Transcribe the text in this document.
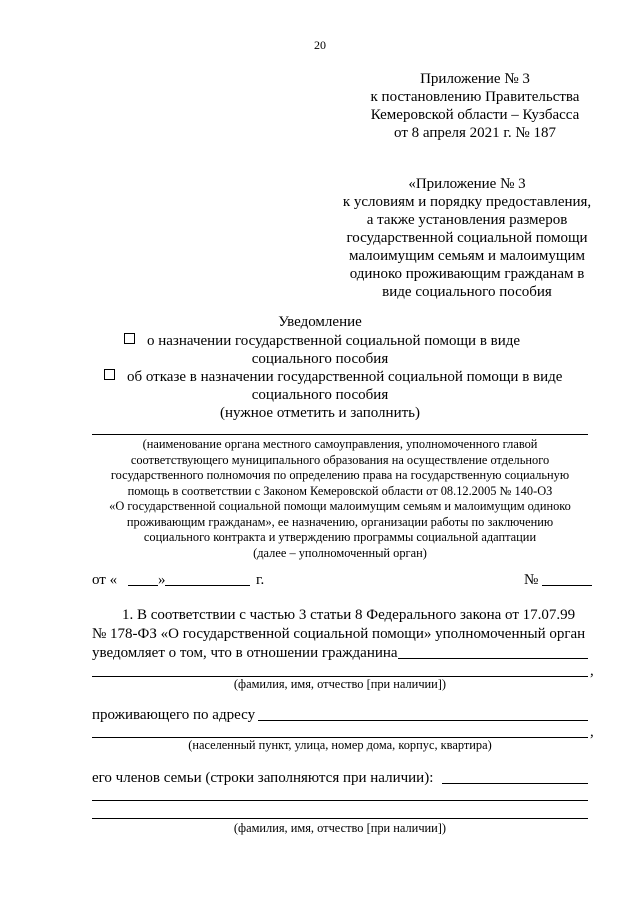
20
Приложение № 3
к постановлению Правительства
Кемеровской области – Кузбасса
от 8 апреля 2021 г. № 187
«Приложение № 3
к условиям и порядку предоставления,
а также установления размеров
государственной социальной помощи
малоимущим семьям и малоимущим
одиноко проживающим гражданам в
виде социального пособия
Уведомление
о назначении государственной социальной помощи в виде
социального пособия
об отказе в назначении государственной социальной помощи в виде
социального пособия
(нужное отметить и заполнить)
(наименование органа местного самоуправления, уполномоченного главой
соответствующего муниципального образования на осуществление отдельного
государственного полномочия по определению права на государственную социальную
помощь в соответствии с Законом Кемеровской области от 08.12.2005 № 140-ОЗ
«О государственной социальной помощи малоимущим семьям и малоимущим одиноко
проживающим гражданам», ее назначению, организации работы по заключению
социального контракта и утверждению программы социальной адаптации
(далее – уполномоченный орган)
от «	»	г.	№
1. В соответствии с частью 3 статьи 8 Федерального закона от 17.07.99
№ 178-ФЗ «О государственной социальной помощи» уполномоченный орган
уведомляет о том, что в отношении гражданина
,
(фамилия, имя, отчество [при наличии])
проживающего по адресу
,
(населенный пункт, улица, номер дома, корпус, квартира)
его членов семьи (строки заполняются при наличии):
(фамилия, имя, отчество [при наличии])
